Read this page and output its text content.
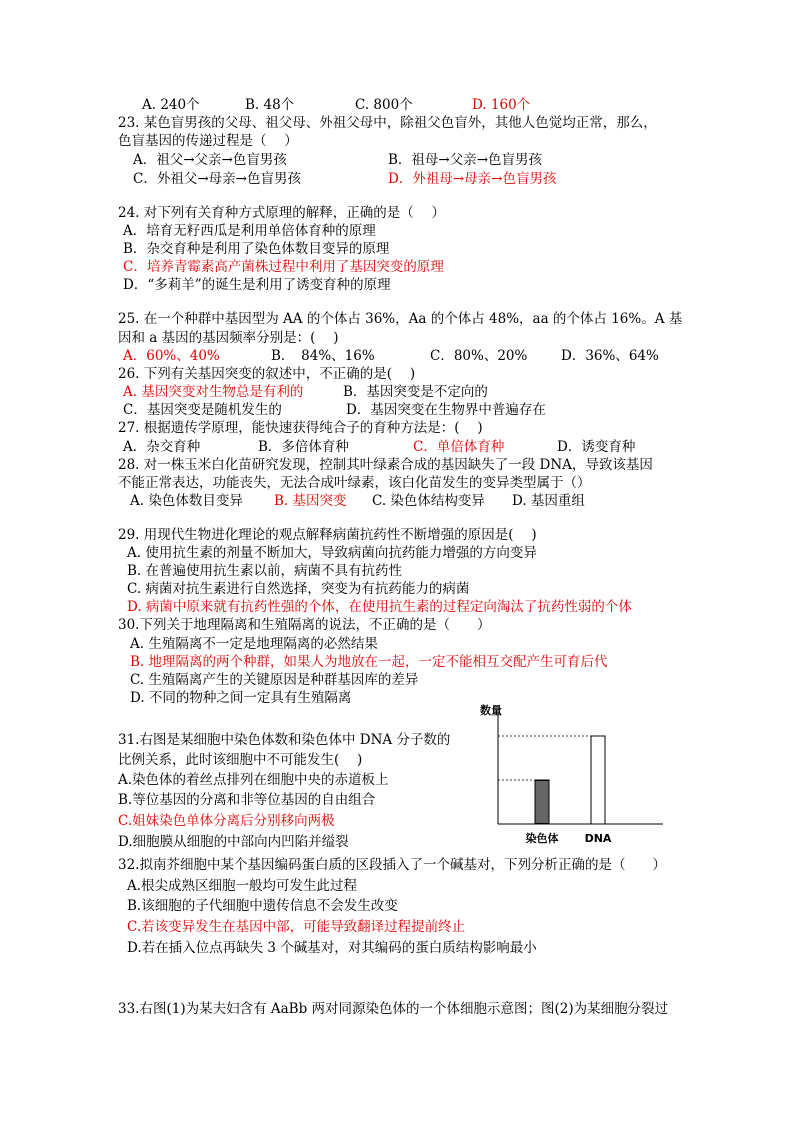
A. 240个	B. 48个	C. 800个	D. 160个
23. 某色盲男孩的父母、祖父母、外祖父母中，除祖父色盲外，其他人色觉均正常，那么，
色盲基因的传递过程是（　 ）
A．祖父→父亲→色盲男孩	B．祖母→父亲→色盲男孩
C．外祖父→母亲→色盲男孩	D．外祖母→母亲→色盲男孩
24. 对下列有关育种方式原理的解释，正确的是（　 ）
A．培育无籽西瓜是利用单倍体育种的原理
B．杂交育种是利用了染色体数目变异的原理
C．培养青霉素高产菌株过程中利用了基因突变的原理
D．“多莉羊”的诞生是利用了诱变育种的原理
25. 在一个种群中基因型为 AA 的个体占 36%，Aa 的个体占 48%，aa 的个体占 16%。A 基
因和 a 基因的基因频率分别是：(　 )
A．60%、40%	B．　84%、16%	C．80%、20% D．36%、64%
26. 下列有关基因突变的叙述中，不正确的是(　 )
A. 基因突变对生物总是有利的	B．基因突变是不定向的
C．基因突变是随机发生的	D．基因突变在生物界中普遍存在
27. 根据遗传学原理，能快速获得纯合子的育种方法是：(　 )
A．杂交育种	B．多倍体育种	C．单倍体育种	D．诱变育种
28. 对一株玉米白化苗研究发现，控制其叶绿素合成的基因缺失了一段 DNA，导致该基因
不能正常表达，功能丧失，无法合成叶绿素，该白化苗发生的变异类型属于（）
A. 染色体数目变异 B. 基因突变 C. 染色体结构变异 D. 基因重组
29. 用现代生物进化理论的观点解释病菌抗药性不断增强的原因是(　 )
A. 使用抗生素的剂量不断加大，导致病菌向抗药能力增强的方向变异
B. 在普遍使用抗生素以前，病菌不具有抗药性
C. 病菌对抗生素进行自然选择，突变为有抗药能力的病菌
D. 病菌中原来就有抗药性强的个体，在使用抗生素的过程定向淘汰了抗药性弱的个体
30.下列关于地理隔离和生殖隔离的说法，不正确的是（　　）
A. 生殖隔离不一定是地理隔离的必然结果
B. 地理隔离的两个种群，如果人为地放在一起，一定不能相互交配产生可育后代
C. 生殖隔离产生的关键原因是种群基因库的差异
D. 不同的物种之间一定具有生殖隔离
31.右图是某细胞中染色体数和染色体中 DNA 分子数的
比例关系，此时该细胞中不可能发生(　 )
A.染色体的着丝点排列在细胞中央的赤道板上
B.等位基因的分离和非等位基因的自由组合
C.姐妹染色单体分离后分别移向两极
D.细胞膜从细胞的中部向内凹陷并缢裂
数量
染色体 DNA
32.拟南芥细胞中某个基因编码蛋白质的区段插入了一个碱基对，下列分析正确的是（　　）
A.根尖成熟区细胞一般均可发生此过程
B.该细胞的子代细胞中遗传信息不会发生改变
C.若该变异发生在基因中部，可能导致翻译过程提前终止
D.若在插入位点再缺失 3 个碱基对，对其编码的蛋白质结构影响最小
33.右图(1)为某夫妇含有 AaBb 两对同源染色体的一个体细胞示意图；图(2)为某细胞分裂过
